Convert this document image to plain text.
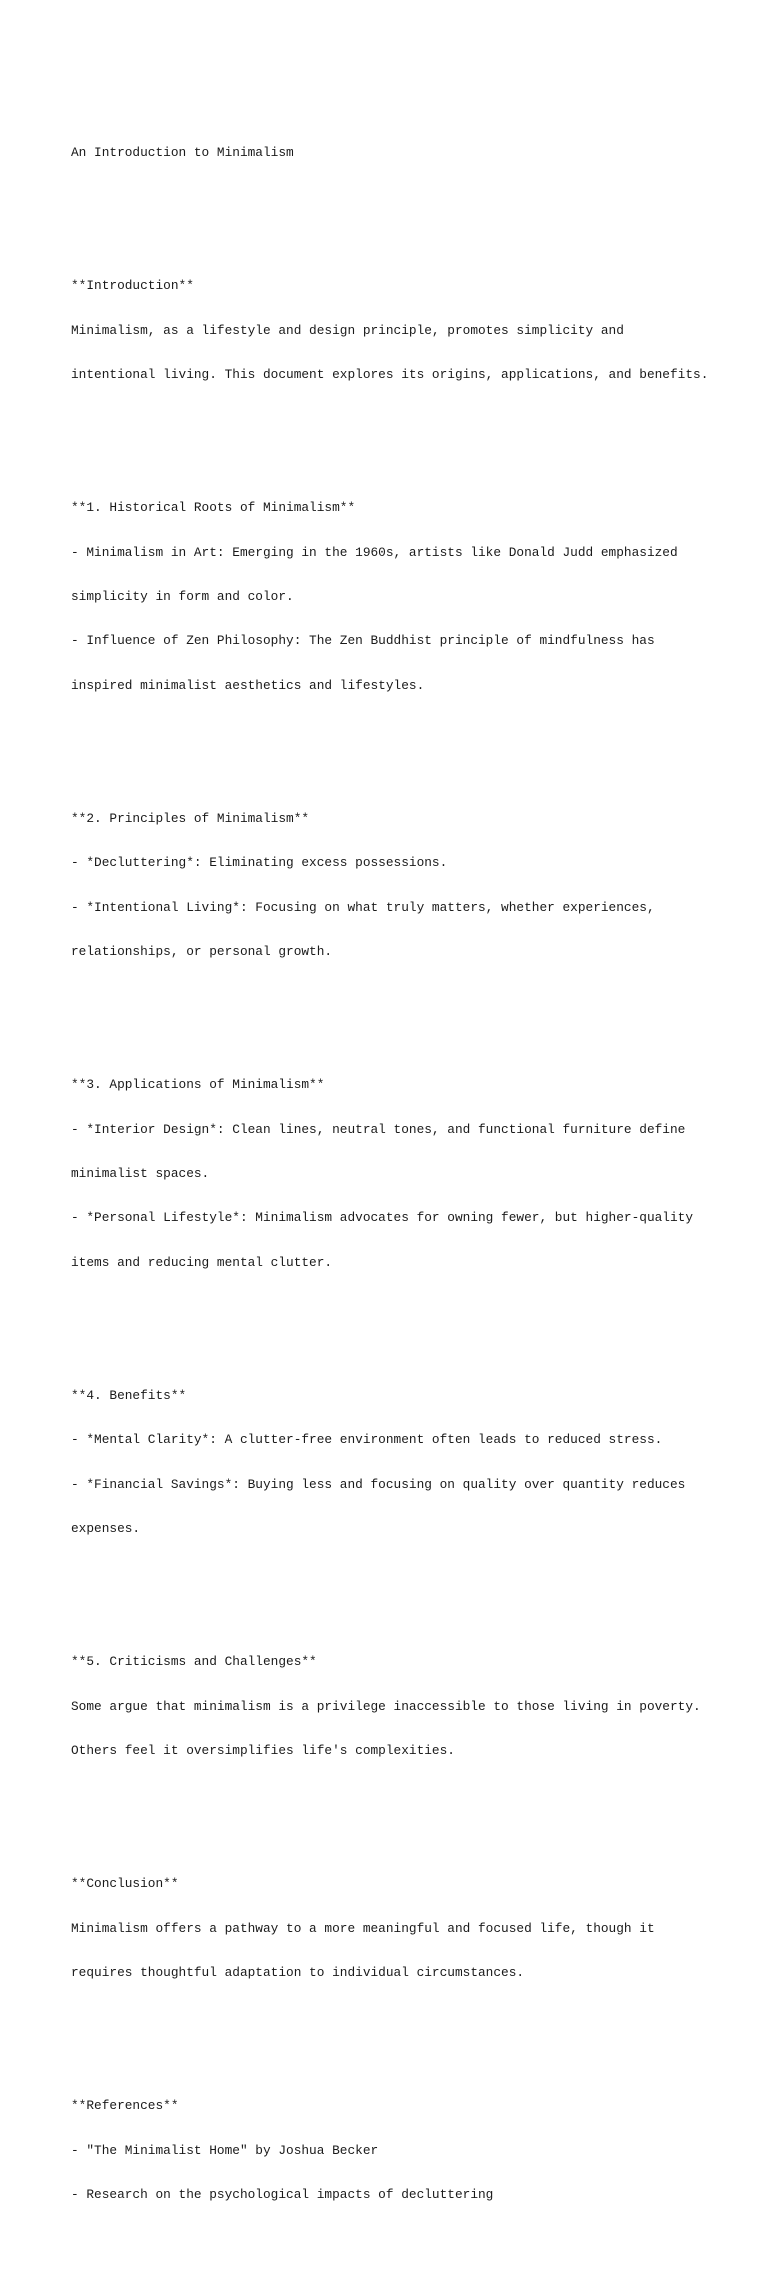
An Introduction to Minimalism

**Introduction**

Minimalism, as a lifestyle and design principle, promotes simplicity and

intentional living. This document explores its origins, applications, and benefits.

**1. Historical Roots of Minimalism**

- Minimalism in Art: Emerging in the 1960s, artists like Donald Judd emphasized

simplicity in form and color.

- Influence of Zen Philosophy: The Zen Buddhist principle of mindfulness has

inspired minimalist aesthetics and lifestyles.

**2. Principles of Minimalism**

- *Decluttering*: Eliminating excess possessions.

- *Intentional Living*: Focusing on what truly matters, whether experiences,

relationships, or personal growth.

**3. Applications of Minimalism**

- *Interior Design*: Clean lines, neutral tones, and functional furniture define

minimalist spaces.

- *Personal Lifestyle*: Minimalism advocates for owning fewer, but higher-quality

items and reducing mental clutter.

**4. Benefits**

- *Mental Clarity*: A clutter-free environment often leads to reduced stress.

- *Financial Savings*: Buying less and focusing on quality over quantity reduces

expenses.

**5. Criticisms and Challenges**

Some argue that minimalism is a privilege inaccessible to those living in poverty.

Others feel it oversimplifies life's complexities.

**Conclusion**

Minimalism offers a pathway to a more meaningful and focused life, though it

requires thoughtful adaptation to individual circumstances.

**References**

- "The Minimalist Home" by Joshua Becker

- Research on the psychological impacts of decluttering
